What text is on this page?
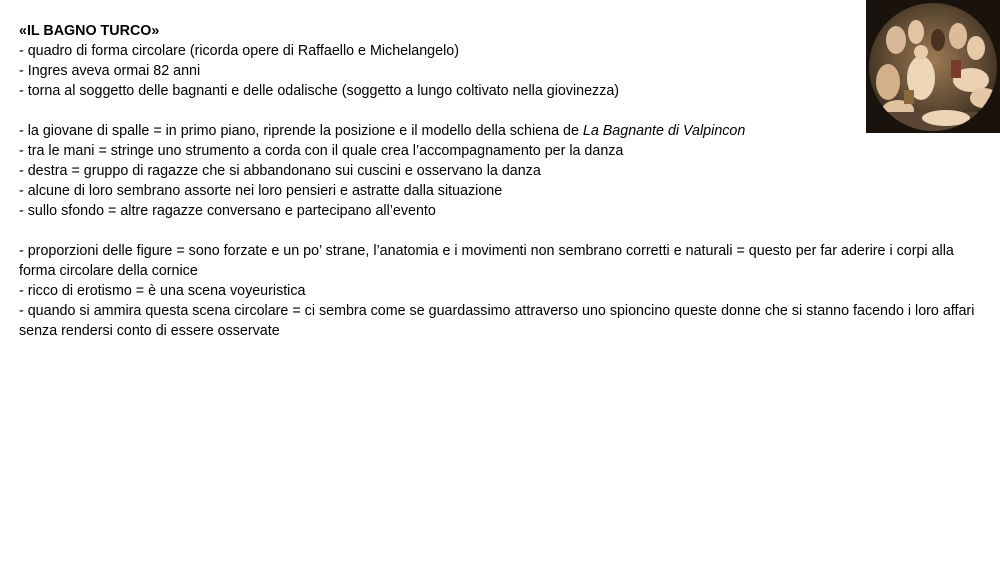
«IL BAGNO TURCO»
- quadro di forma circolare (ricorda opere di Raffaello e Michelangelo)
- Ingres aveva ormai 82 anni
- torna al soggetto delle bagnanti e delle odalische (soggetto a lungo coltivato nella giovinezza)
- la giovane di spalle = in primo piano, riprende la posizione e il modello della schiena de La Bagnante di Valpincon
- tra le mani = stringe uno strumento a corda con il quale crea l’accompagnamento per la danza
- destra = gruppo di ragazze che si abbandonano sui cuscini e osservano la danza
- alcune di loro sembrano assorte nei loro pensieri e astratte dalla situazione
- sullo sfondo = altre ragazze conversano e partecipano all’evento
- proporzioni delle figure = sono forzate e un po’ strane, l’anatomia e i movimenti non sembrano corretti e naturali = questo per far aderire i corpi alla forma circolare della cornice
- ricco di erotismo = è una scena voyeuristica
- quando si ammira questa scena circolare = ci sembra come se guardassimo attraverso uno spioncino queste donne che si stanno facendo i loro affari senza rendersi conto di essere osservate
